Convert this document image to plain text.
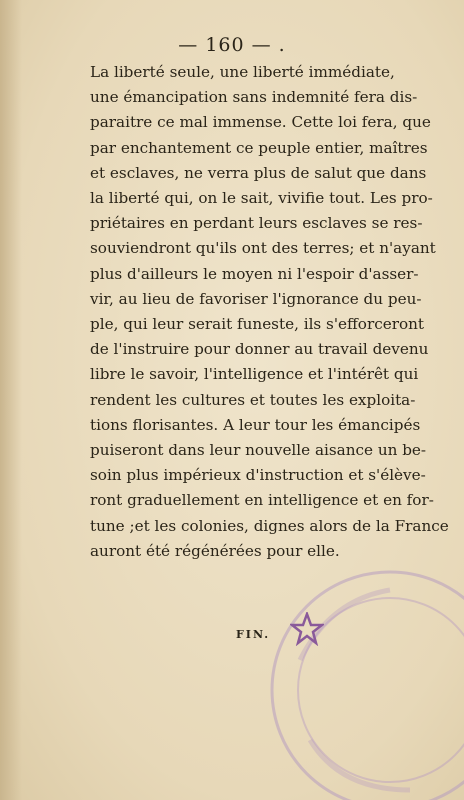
— 160 — .
La liberté seule, une liberté immédiate,
une émancipation sans indemnité fera dis-
paraitre ce mal immense. Cette loi fera, que
par enchantement ce peuple entier, maîtres
et esclaves, ne verra plus de salut que dans
la liberté qui, on le sait, vivifie tout. Les pro-
priétaires en perdant leurs esclaves se res-
souviendront qu'ils ont des terres; et n'ayant
plus d'ailleurs le moyen ni l'espoir d'asser-
vir, au lieu de favoriser l'ignorance du peu-
ple, qui leur serait funeste, ils s'efforceront
de l'instruire pour donner au travail devenu
libre le savoir, l'intelligence et l'intérêt qui
rendent les cultures et toutes les exploita-
tions florisantes. A leur tour les émancipés
puiseront dans leur nouvelle aisance un be-
soin plus impérieux d'instruction et s'élève-
ront graduellement en intelligence et en for-
tune ;et les colonies, dignes alors de la France
auront été régénérées pour elle.
FIN.
